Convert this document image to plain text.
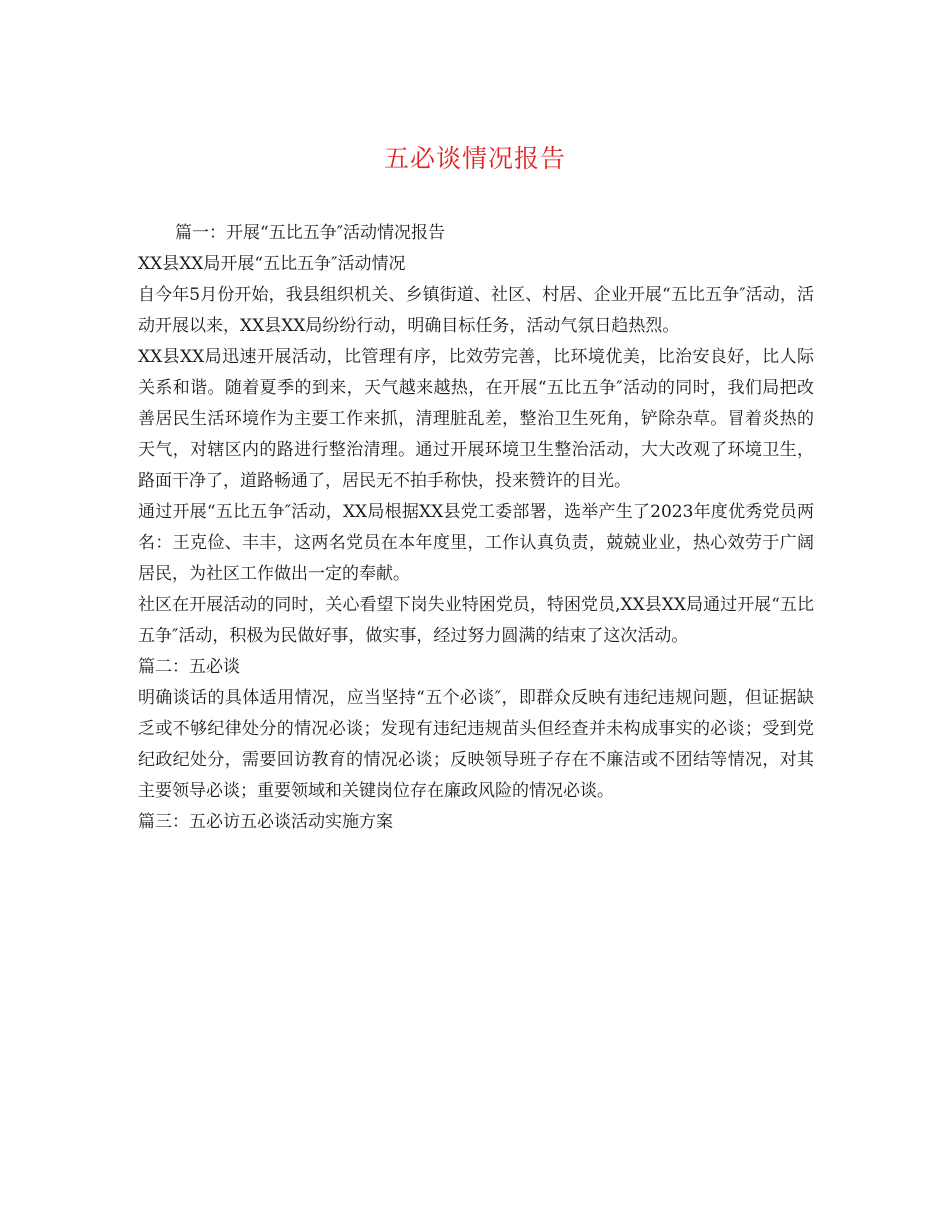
五必谈情况报告

篇一：开展“五比五争″活动情况报告

XX县XX局开展“五比五争″活动情况

自今年5月份开始，我县组织机关、乡镇街道、社区、村居、企业开展“五比五争″活动，活动开展以来，XX县XX局纷纷行动，明确目标任务，活动气氛日趋热烈。

XX县XX局迅速开展活动，比管理有序，比效劳完善，比环境优美，比治安良好，比人际关系和谐。随着夏季的到来，天气越来越热，在开展“五比五争″活动的同时，我们局把改善居民生活环境作为主要工作来抓，清理脏乱差，整治卫生死角，铲除杂草。冒着炎热的天气，对辖区内的路进行整治清理。通过开展环境卫生整治活动，大大改观了环境卫生，路面干净了，道路畅通了，居民无不拍手称快，投来赞许的目光。

通过开展“五比五争″活动，XX局根据XX县党工委部署，选举产生了2023年度优秀党员两名：王克俭、丰丰，这两名党员在本年度里，工作认真负责，兢兢业业，热心效劳于广阔居民，为社区工作做出一定的奉献。

社区在开展活动的同时，关心看望下岗失业特困党员，特困党员,XX县XX局通过开展“五比五争″活动，积极为民做好事，做实事，经过努力圆满的结束了这次活动。

篇二：五必谈

明确谈话的具体适用情况，应当坚持“五个必谈″，即群众反映有违纪违规问题，但证据缺乏或不够纪律处分的情况必谈；发现有违纪违规苗头但经查并未构成事实的必谈；受到党纪政纪处分，需要回访教育的情况必谈；反映领导班子存在不廉洁或不团结等情况，对其主要领导必谈；重要领域和关键岗位存在廉政风险的情况必谈。

篇三：五必访五必谈活动实施方案
